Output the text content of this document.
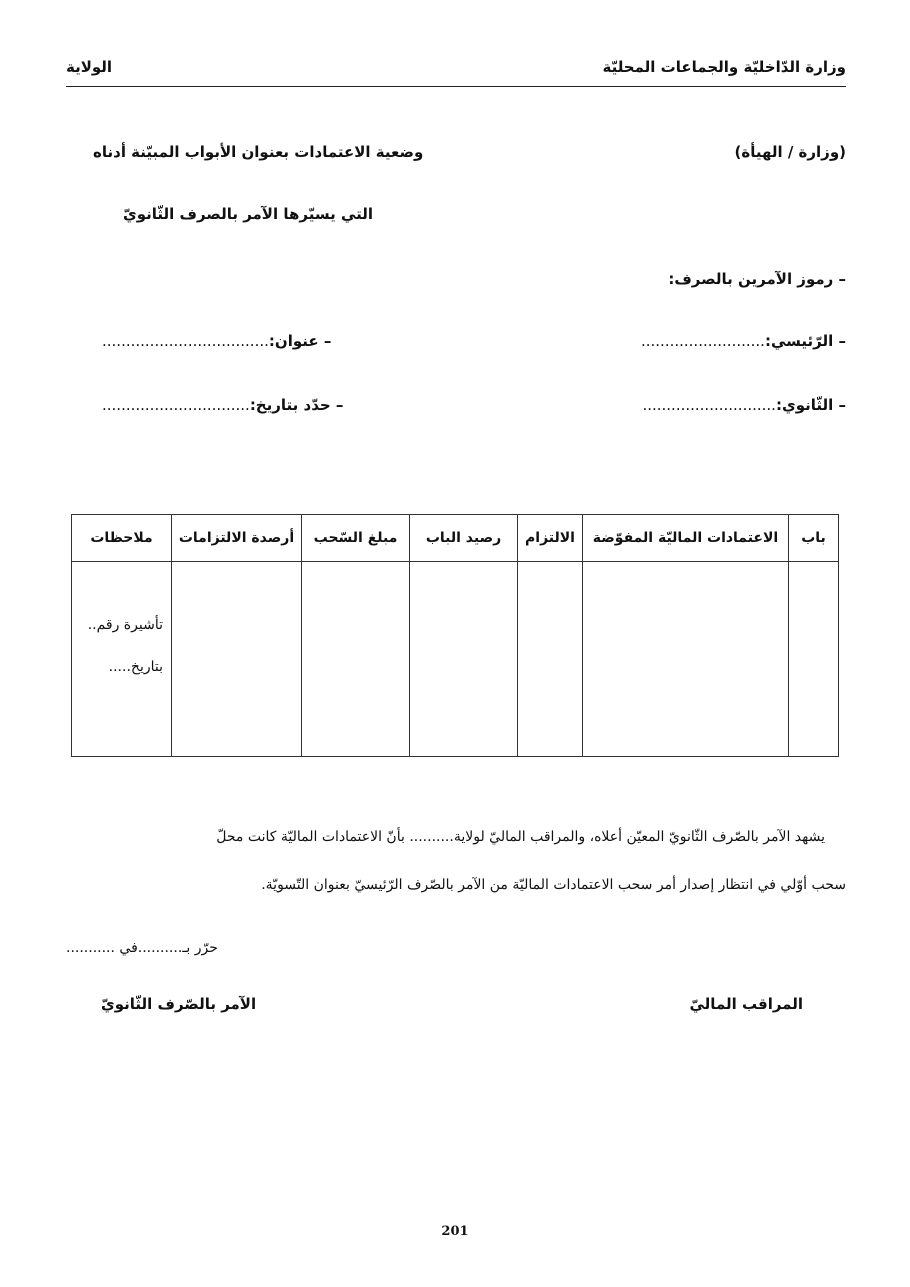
وزارة الدّاخليّة والجماعات المحليّة
الولاية
(وزارة / الهيأة)
وضعية الاعتمادات بعنوان الأبواب المبيّنة أدناه
التي يسيّرها الآمر بالصرف الثّانويّ
– رموز الآمرين بالصرف:
– الرّئيسي:..........................
– عنوان:...................................
– الثّانوي:............................
– حدّد بتاريخ:...............................
باب	الاعتمادات الماليّة المفوّضة	الالتزام	رصيد الباب	مبلغ السّحب	أرصدة الالتزامات	ملاحظات

						تأشيرة رقم..
بتاريخ.....
يشهد الآمر بالصّرف الثّانويّ المعيّن أعلاه، والمراقب الماليّ لولاية.......... بأنّ الاعتمادات الماليّة كانت محلّ
سحب أوّلي في انتظار إصدار أمر سحب الاعتمادات الماليّة من الآمر بالصّرف الرّئيسيّ بعنوان التّسويّة.
حرّر بـ..........في ...........
المراقب الماليّ
الآمر بالصّرف الثّانويّ
201
